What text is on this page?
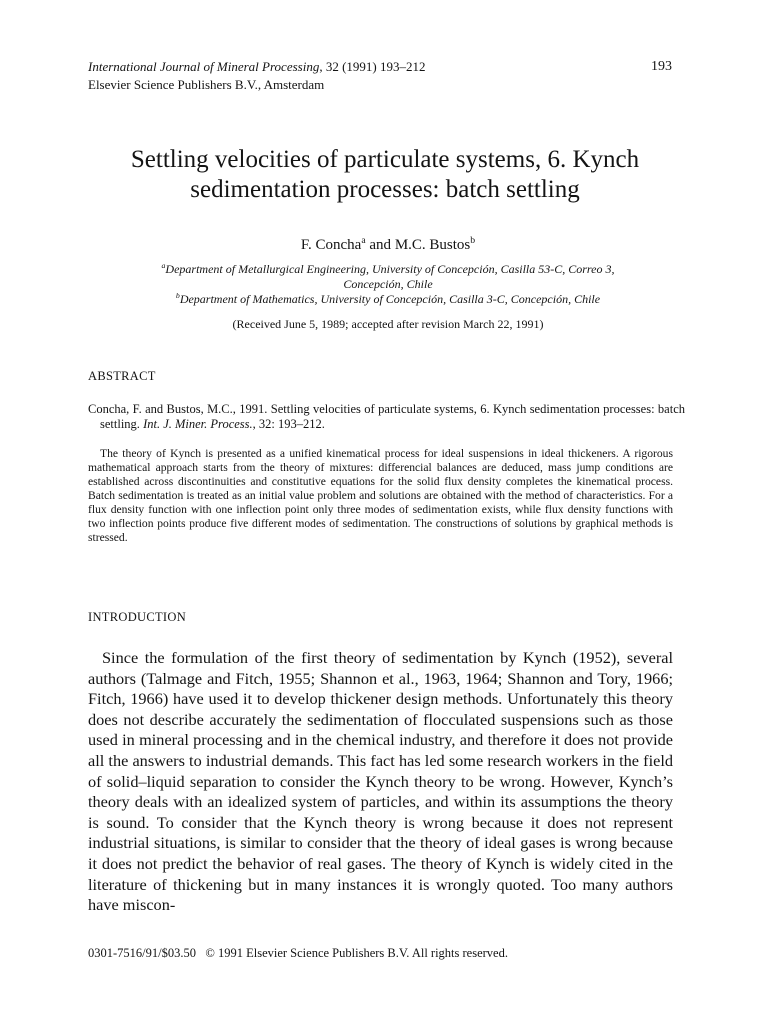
International Journal of Mineral Processing, 32 (1991) 193–212
Elsevier Science Publishers B.V., Amsterdam
193
Settling velocities of particulate systems, 6. Kynch
sedimentation processes: batch settling
F. Concha$^a$ and M.C. Bustos$^b$
$^a$Department of Metallurgical Engineering, University of Concepción, Casilla 53-C, Correo 3,
Concepción, Chile
$^b$Department of Mathematics, University of Concepción, Casilla 3-C, Concepción, Chile
(Received June 5, 1989; accepted after revision March 22, 1991)
ABSTRACT
Concha, F. and Bustos, M.C., 1991. Settling velocities of particulate systems, 6. Kynch sedimentation processes: batch settling. Int. J. Miner. Process., 32: 193–212.

The theory of Kynch is presented as a unified kinematical process for ideal suspensions in ideal thickeners. A rigorous mathematical approach starts from the theory of mixtures: differencial balances are deduced, mass jump conditions are established across discontinuities and constitutive equations for the solid flux density completes the kinematical process. Batch sedimentation is treated as an initial value problem and solutions are obtained with the method of characteristics. For a flux density function with one inflection point only three modes of sedimentation exists, while flux density functions with two inflection points produce five different modes of sedimentation. The constructions of solutions by graphical methods is stressed.

INTRODUCTION

Since the formulation of the first theory of sedimentation by Kynch (1952), several authors (Talmage and Fitch, 1955; Shannon et al., 1963, 1964; Shannon and Tory, 1966; Fitch, 1966) have used it to develop thickener design methods. Unfortunately this theory does not describe accurately the sedimentation of flocculated suspensions such as those used in mineral processing and in the chemical industry, and therefore it does not provide all the answers to industrial demands. This fact has led some research workers in the field of solid–liquid separation to consider the Kynch theory to be wrong. However, Kynch’s theory deals with an idealized system of particles, and within its assumptions the theory is sound. To consider that the Kynch theory is wrong because it does not represent industrial situations, is similar to consider that the theory of ideal gases is wrong because it does not predict the behavior of real gases. The theory of Kynch is widely cited in the literature of thickening but in many instances it is wrongly quoted. Too many authors have miscon-

0301-7516/91/$03.50   © 1991 Elsevier Science Publishers B.V. All rights reserved.
